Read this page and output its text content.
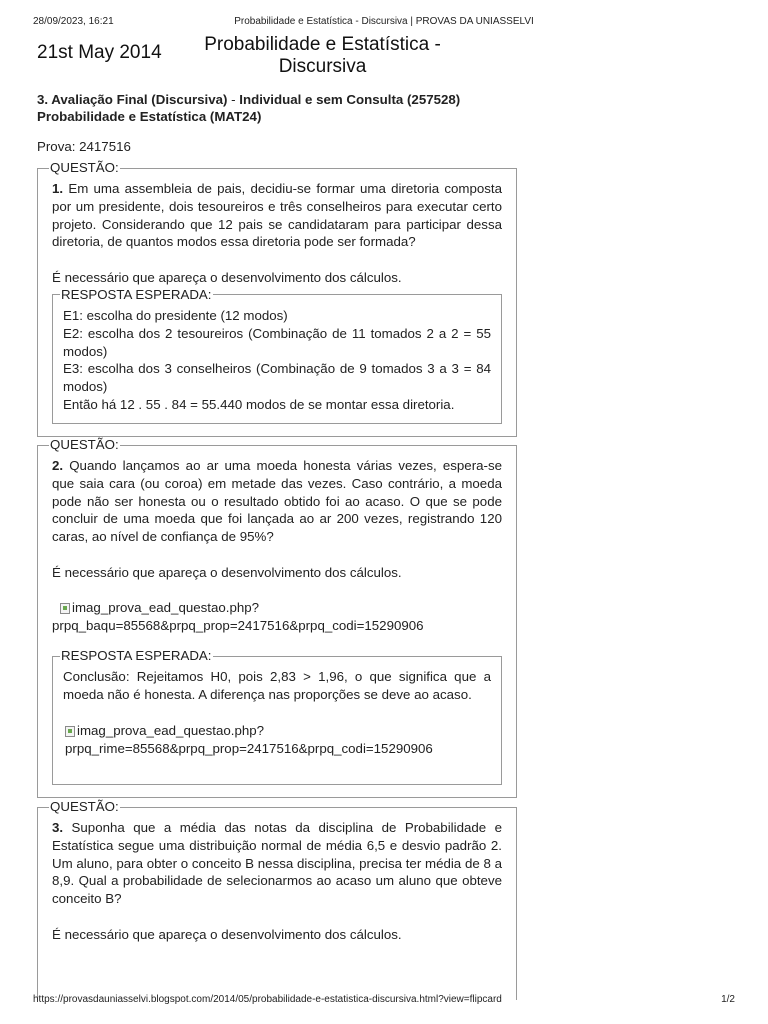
28/09/2023, 16:21	Probabilidade e Estatística - Discursiva | PROVAS DA UNIASSELVI
21st May 2014	Probabilidade e Estatística - Discursiva
3. Avaliação Final (Discursiva) - Individual e sem Consulta (257528)
Probabilidade e Estatística (MAT24)
Prova: 2417516
QUESTÃO:

1. Em uma assembleia de pais, decidiu-se formar uma diretoria composta por um presidente, dois tesoureiros e três conselheiros para executar certo projeto. Considerando que 12 pais se candidataram para participar dessa diretoria, de quantos modos essa diretoria pode ser formada?

É necessário que apareça o desenvolvimento dos cálculos.

RESPOSTA ESPERADA:

E1: escolha do presidente (12 modos)

E2: escolha dos 2 tesoureiros (Combinação de 11 tomados 2 a 2 = 55 modos)

E3: escolha dos 3 conselheiros (Combinação de 9 tomados 3 a 3 = 84 modos)

Então há 12 . 55 . 84 = 55.440 modos de se montar essa diretoria.

QUESTÃO:

2. Quando lançamos ao ar uma moeda honesta várias vezes, espera-se que saia cara (ou coroa) em metade das vezes. Caso contrário, a moeda pode não ser honesta ou o resultado obtido foi ao acaso. O que se pode concluir de uma moeda que foi lançada ao ar 200 vezes, registrando 120 caras, ao nível de confiança de 95%?

É necessário que apareça o desenvolvimento dos cálculos.

imag_prova_ead_questao.php?
prpq_baqu=85568&prpq_prop=2417516&prpq_codi=15290906
RESPOSTA ESPERADA:

Conclusão: Rejeitamos H0, pois 2,83 > 1,96, o que significa que a moeda não é honesta. A diferença nas proporções se deve ao acaso.

imag_prova_ead_questao.php?
prpq_rime=85568&prpq_prop=2417516&prpq_codi=15290906
QUESTÃO:

3. Suponha que a média das notas da disciplina de Probabilidade e Estatística segue uma distribuição normal de média 6,5 e desvio padrão 2. Um aluno, para obter o conceito B nessa disciplina, precisa ter média de 8 a 8,9. Qual a probabilidade de selecionarmos ao acaso um aluno que obteve conceito B?

É necessário que apareça o desenvolvimento dos cálculos.

https://provasdauniasselvi.blogspot.com/2014/05/probabilidade-e-estatistica-discursiva.html?view=flipcard	1/2
